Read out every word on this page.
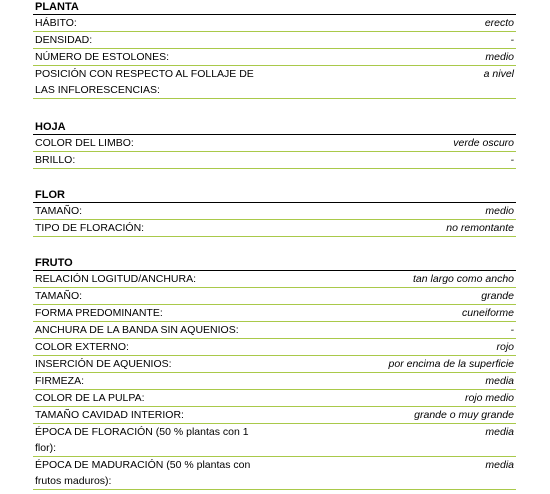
PLANTA
HÁBITO:	erecto
DENSIDAD:	-
NÚMERO DE ESTOLONES:	medio
POSICIÓN CON RESPECTO AL FOLLAJE DE LAS INFLORESCENCIAS:
a nivel
HOJA
COLOR DEL LIMBO:	verde oscuro
BRILLO:	-
FLOR
TAMAÑO:	medio
TIPO DE FLORACIÓN:	no remontante
FRUTO
RELACIÓN LOGITUD/ANCHURA:	tan largo como ancho
TAMAÑO:	grande
FORMA PREDOMINANTE:	cuneiforme
ANCHURA DE LA BANDA SIN AQUENIOS:	-
COLOR EXTERNO:	rojo
INSERCIÓN DE AQUENIOS:	por encima de la superficie
FIRMEZA:	media
COLOR DE LA PULPA:	rojo medio
TAMAÑO CAVIDAD INTERIOR:	grande o muy grande
ÉPOCA DE FLORACIÓN (50 % plantas con 1 flor):
media
ÉPOCA DE MADURACIÓN (50 % plantas con frutos maduros):
media
